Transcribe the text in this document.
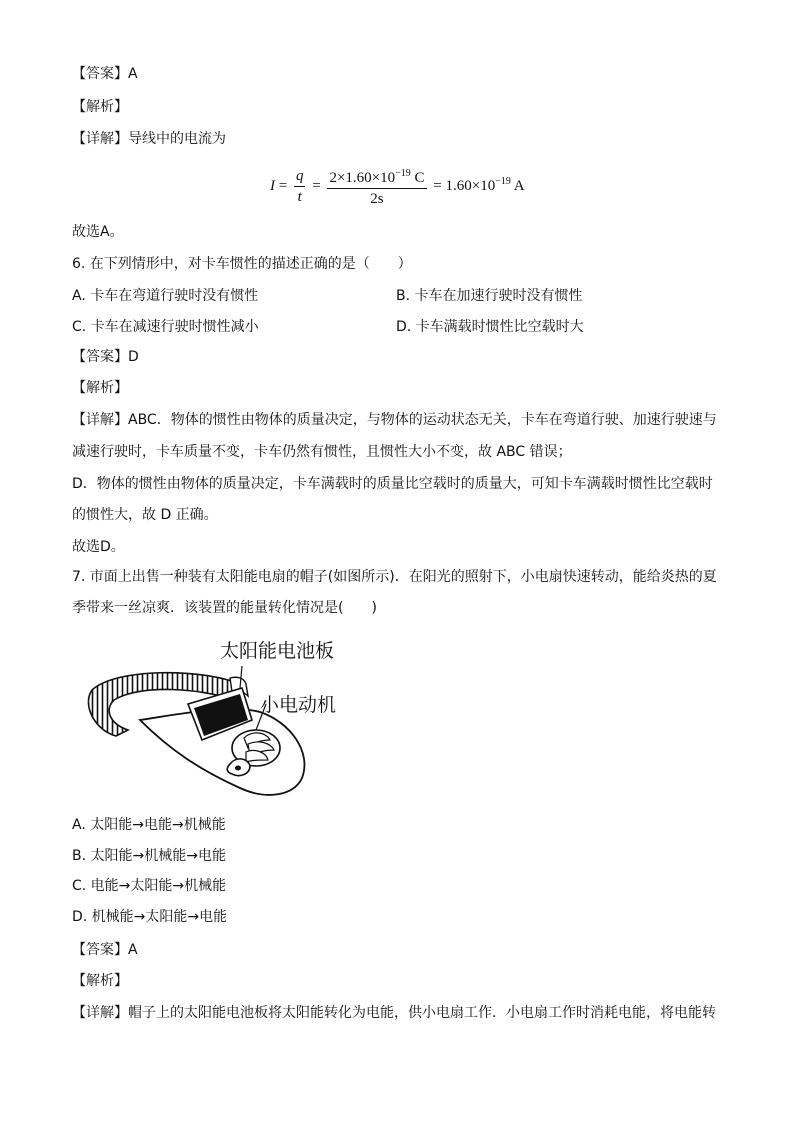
【答案】A
【解析】
【详解】导线中的电流为
$I = \frac{q}{t} = \frac{2\times 1.60\times 10^{-19} C}{2s} = 1.60\times 10^{-19}$ A
故选A。
6. 在下列情形中，对卡车惯性的描述正确的是（　　）
A. 卡车在弯道行驶时没有惯性	B. 卡车在加速行驶时没有惯性
C. 卡车在减速行驶时惯性减小	D. 卡车满载时惯性比空载时大
【答案】D
【解析】
【详解】ABC．物体的惯性由物体的质量决定，与物体的运动状态无关，卡车在弯道行驶、加速行驶速与
减速行驶时，卡车质量不变，卡车仍然有惯性，且惯性大小不变，故 ABC 错误；
D．物体的惯性由物体的质量决定，卡车满载时的质量比空载时的质量大，可知卡车满载时惯性比空载时
的惯性大，故 D 正确。
故选D。
7. 市面上出售一种装有太阳能电扇的帽子(如图所示)．在阳光的照射下，小电扇快速转动，能给炎热的夏
季带来一丝凉爽．该装置的能量转化情况是(　　)
太阳能电池板
小电动机
A. 太阳能→电能→机械能
B. 太阳能→机械能→电能
C. 电能→太阳能→机械能
D. 机械能→太阳能→电能
【答案】A
【解析】
【详解】帽子上的太阳能电池板将太阳能转化为电能，供小电扇工作．小电扇工作时消耗电能，将电能转
